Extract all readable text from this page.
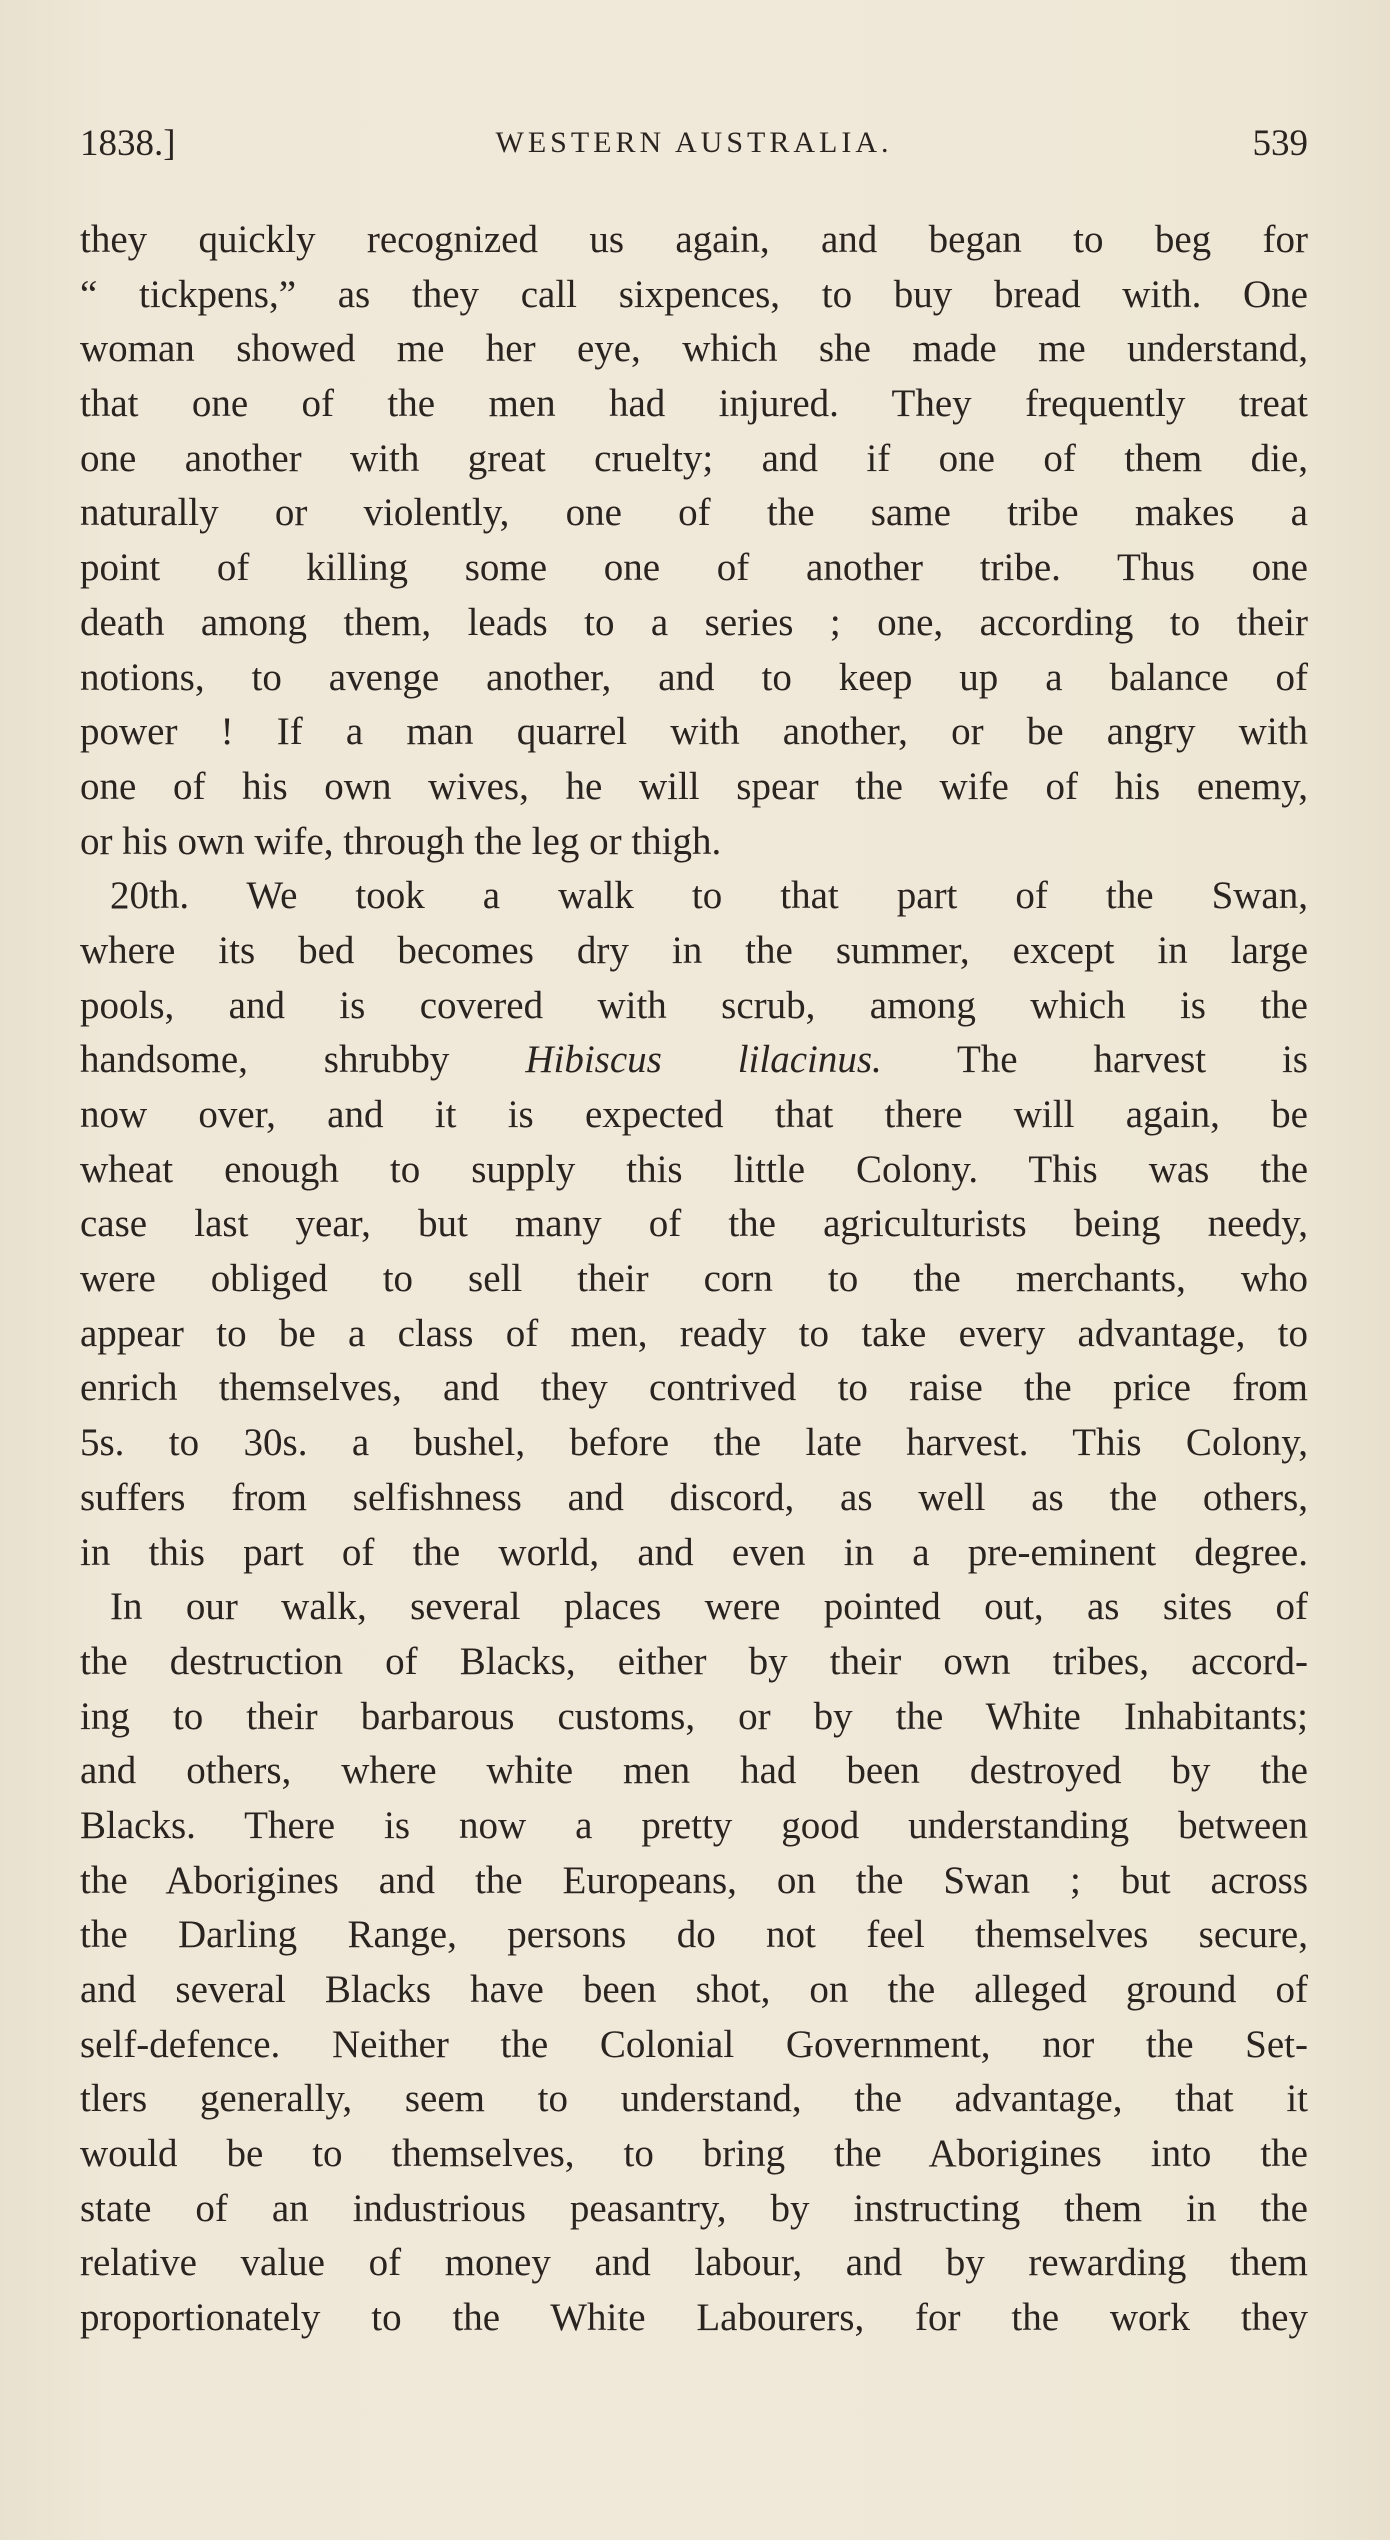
1838.]	WESTERN AUSTRALIA.	539
they quickly recognized us again, and began to beg for
“ tickpens,” as they call sixpences, to buy bread with. One
woman showed me her eye, which she made me understand,
that one of the men had injured. They frequently treat
one another with great cruelty; and if one of them die,
naturally or violently, one of the same tribe makes a
point of killing some one of another tribe. Thus one
death among them, leads to a series ; one, according to their
notions, to avenge another, and to keep up a balance of
power ! If a man quarrel with another, or be angry with
one of his own wives, he will spear the wife of his enemy,
or his own wife, through the leg or thigh.
20th. We took a walk to that part of the Swan,
where its bed becomes dry in the summer, except in large
pools, and is covered with scrub, among which is the
handsome, shrubby Hibiscus lilacinus. The harvest is
now over, and it is expected that there will again, be
wheat enough to supply this little Colony. This was the
case last year, but many of the agriculturists being needy,
were obliged to sell their corn to the merchants, who
appear to be a class of men, ready to take every advantage, to
enrich themselves, and they contrived to raise the price from
5s. to 30s. a bushel, before the late harvest. This Colony,
suffers from selfishness and discord, as well as the others,
in this part of the world, and even in a pre-eminent degree.
In our walk, several places were pointed out, as sites of
the destruction of Blacks, either by their own tribes, accord-
ing to their barbarous customs, or by the White Inhabitants;
and others, where white men had been destroyed by the
Blacks. There is now a pretty good understanding between
the Aborigines and the Europeans, on the Swan ; but across
the Darling Range, persons do not feel themselves secure,
and several Blacks have been shot, on the alleged ground of
self-defence. Neither the Colonial Government, nor the Set-
tlers generally, seem to understand, the advantage, that it
would be to themselves, to bring the Aborigines into the
state of an industrious peasantry, by instructing them in the
relative value of money and labour, and by rewarding them
proportionately to the White Labourers, for the work they
